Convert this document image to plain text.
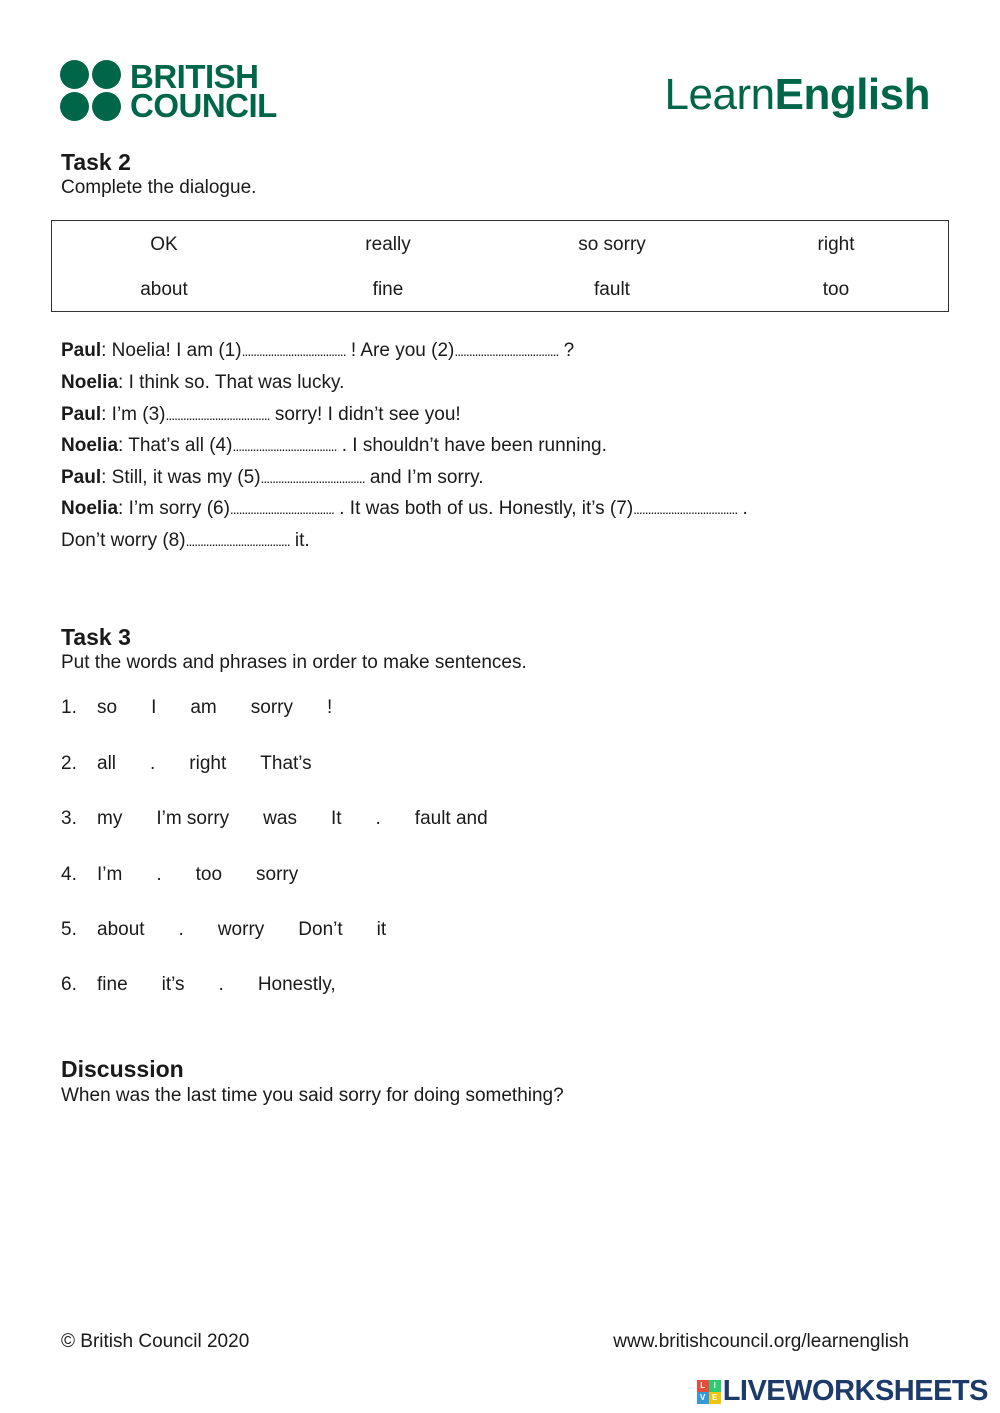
BRITISH
COUNCIL	LearnEnglish
Task 2
Complete the dialogue.
OK	really	so sorry	right
about	fine	fault	too
Paul: Noelia! I am (1).................................... ! Are you (2).................................... ?
Noelia: I think so. That was lucky.
Paul: I’m (3).................................... sorry! I didn’t see you!
Noelia: That’s all (4).................................... . I shouldn’t have been running.
Paul: Still, it was my (5).................................... and I’m sorry.
Noelia: I’m sorry (6).................................... . It was both of us. Honestly, it’s (7).................................... .
Don’t worry (8).................................... it.
Task 3
Put the words and phrases in order to make sentences.
1. so I am sorry !
2. all . right That’s
3. my I’m sorry was It . fault and
4. I’m . too sorry
5. about . worry Don’t it
6. fine it’s . Honestly,
Discussion
When was the last time you said sorry for doing something?
© British Council 2020	www.britishcouncil.org/learnenglish
L	I
V E LIVEWORKSHEETS
